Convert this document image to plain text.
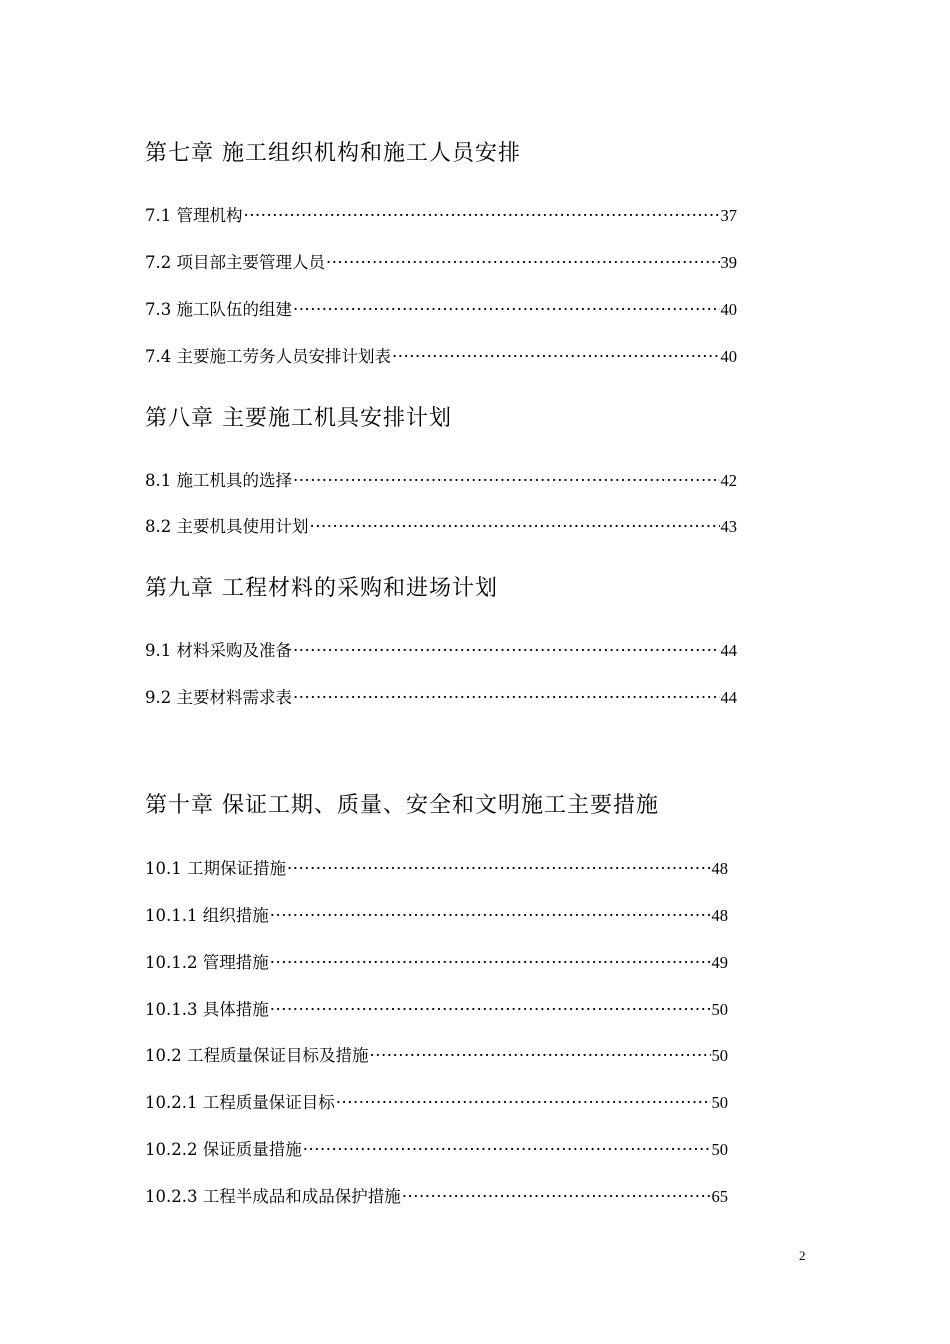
第七章 施工组织机构和施工人员安排
7.1 管理机构 ·····	37
7.2 项目部主要管理人员 ·····	39
7.3 施工队伍的组建 ·····	40
7.4 主要施工劳务人员安排计划表 ·····	40
第八章 主要施工机具安排计划
8.1 施工机具的选择 ·····	42
8.2 主要机具使用计划 ·····	43
第九章 工程材料的采购和进场计划
9.1 材料采购及准备 ·····	44
9.2 主要材料需求表 ·····	44
第十章 保证工期、质量、安全和文明施工主要措施
10.1 工期保证措施 ·····	48
10.1.1 组织措施 ·····	48
10.1.2 管理措施 ·····	49
10.1.3 具体措施 ·····	50
10.2 工程质量保证目标及措施 ·····	50
10.2.1 工程质量保证目标 ·····	50
10.2.2 保证质量措施 ·····	50
10.2.3 工程半成品和成品保护措施 ·····	65
2
